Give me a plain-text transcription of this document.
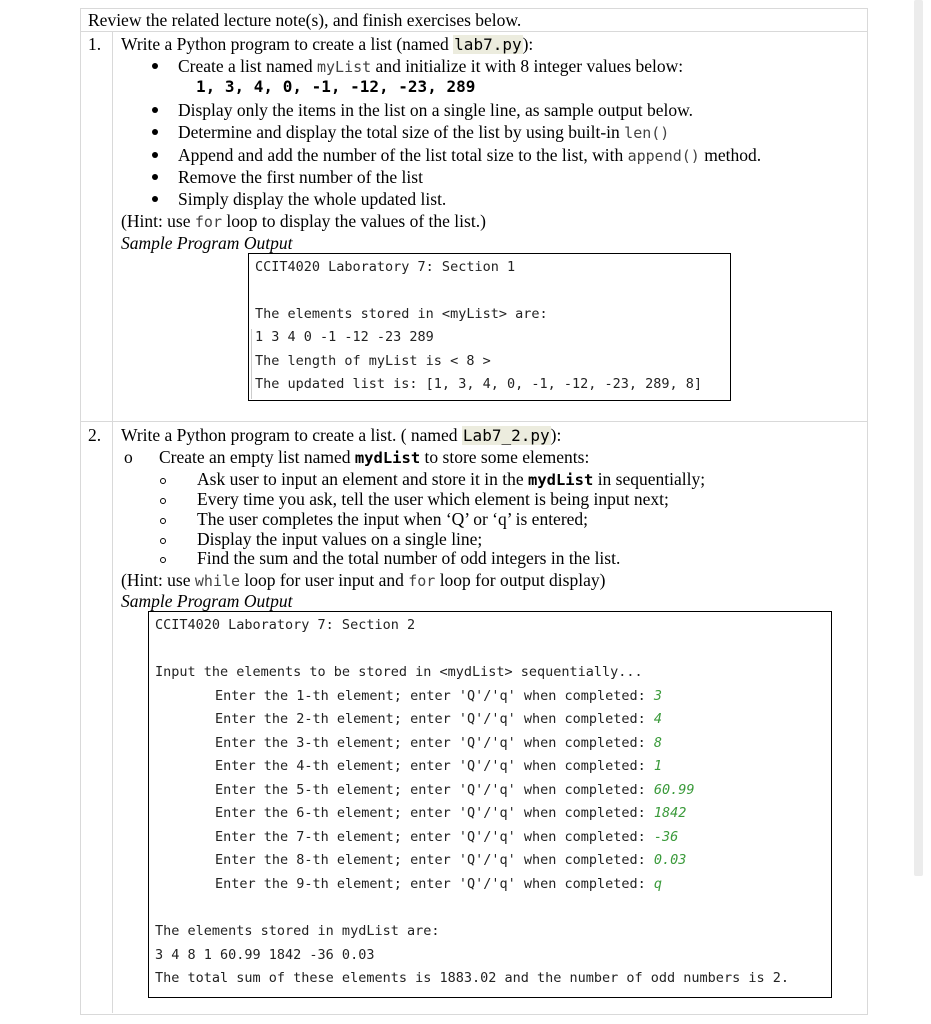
Review the related lecture note(s), and finish exercises below.
1. Write a Python program to create a list (named lab7.py):
Create a list named myList and initialize it with 8 integer values below:
1, 3, 4, 0, -1, -12, -23, 289
Display only the items in the list on a single line, as sample output below.
Determine and display the total size of the list by using built-in len()
Append and add the number of the list total size to the list, with append() method.
Remove the first number of the list
Simply display the whole updated list.
(Hint: use for loop to display the values of the list.)
Sample Program Output
CCIT4020 Laboratory 7: Section 1
The elements stored in <myList> are:
1 3 4 0 -1 -12 -23 289
The length of myList is < 8 >
The updated list is: [1, 3, 4, 0, -1, -12, -23, 289, 8]
2. Write a Python program to create a list. ( named Lab7_2.py):
o Create an empty list named mydList to store some elements:
Ask user to input an element and store it in the mydList in sequentially;
Every time you ask, tell the user which element is being input next;
The user completes the input when ‘Q’ or ‘q’ is entered;
Display the input values on a single line;
Find the sum and the total number of odd integers in the list.
(Hint: use while loop for user input and for loop for output display)
Sample Program Output
CCIT4020 Laboratory 7: Section 2
Input the elements to be stored in <mydList> sequentially...
Enter the 1-th element; enter 'Q'/'q' when completed: 3
Enter the 2-th element; enter 'Q'/'q' when completed: 4
Enter the 3-th element; enter 'Q'/'q' when completed: 8
Enter the 4-th element; enter 'Q'/'q' when completed: 1
Enter the 5-th element; enter 'Q'/'q' when completed: 60.99
Enter the 6-th element; enter 'Q'/'q' when completed: 1842
Enter the 7-th element; enter 'Q'/'q' when completed: -36
Enter the 8-th element; enter 'Q'/'q' when completed: 0.03
Enter the 9-th element; enter 'Q'/'q' when completed: q
The elements stored in mydList are:
3 4 8 1 60.99 1842 -36 0.03
The total sum of these elements is 1883.02 and the number of odd numbers is 2.
